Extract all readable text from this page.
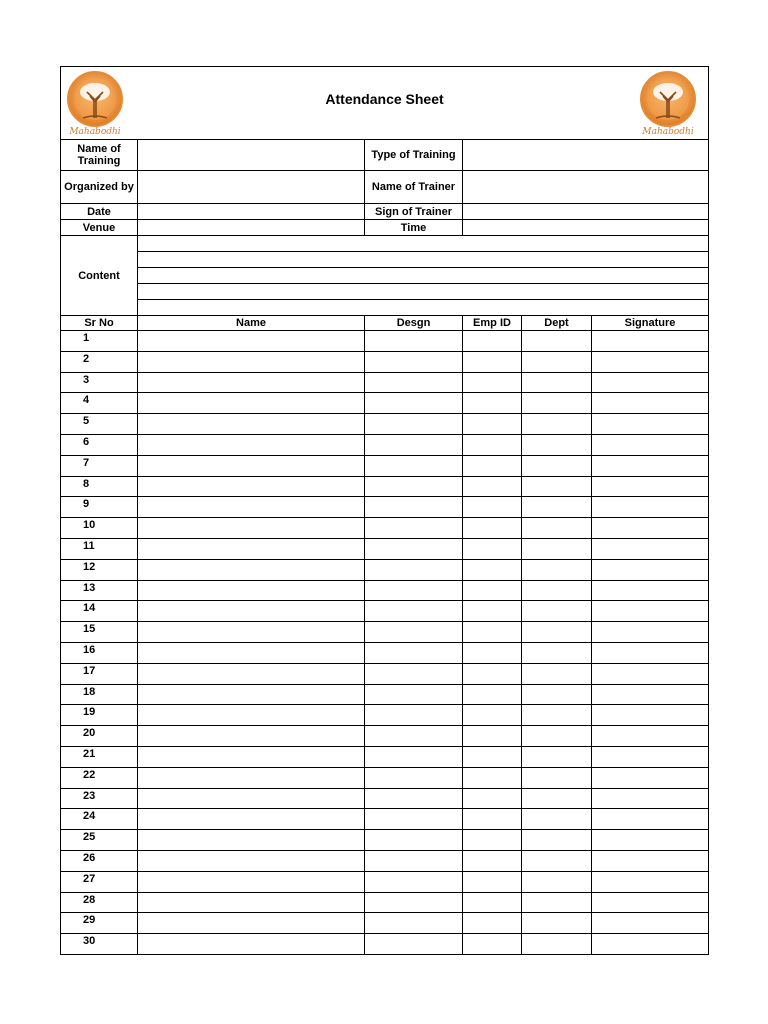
Mahabodhi
Attendance Sheet
Mahabodhi					

Name of Training		Type of Training			
Organized by		Name of Trainer			
Date		Sign of Trainer			
Venue		Time			
Content					

Sr No	Name	Desgn	Emp ID	Dept	Signature
1					
2					
3					
4					
5					
6					
7					
8					
9					
10					
11					
12					
13					
14					
15					
16					
17					
18					
19					
20					
21					
22					
23					
24					
25					
26					
27					
28					
29					
30					
